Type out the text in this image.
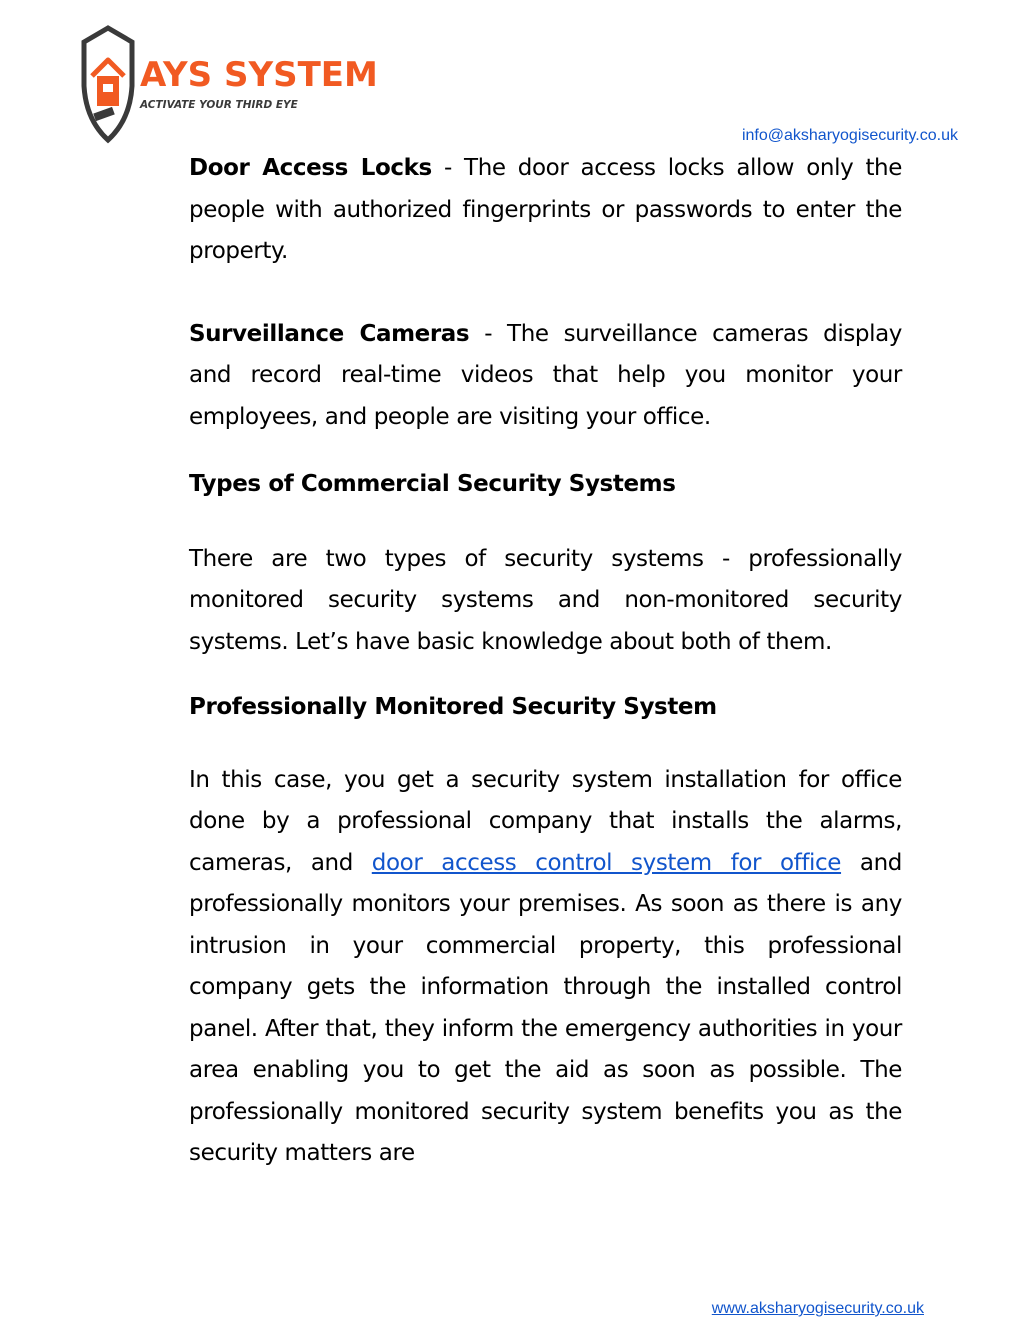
AYS SYSTEM
ACTIVATE YOUR THIRD EYE
info@aksharyogisecurity.co.uk

Door Access Locks - The door access locks allow only the people with authorized fingerprints or passwords to enter the property.

Surveillance Cameras - The surveillance cameras display and record real-time videos that help you monitor your employees, and people are visiting your office.

Types of Commercial Security Systems

There are two types of security systems - professionally monitored security systems and non-monitored security systems. Let’s have basic knowledge about both of them.

Professionally Monitored Security System

In this case, you get a security system installation for office done by a professional company that installs the alarms, cameras, and door access control system for office and professionally monitors your premises. As soon as there is any intrusion in your commercial property, this professional company gets the information through the installed control panel. After that, they inform the emergency authorities in your area enabling you to get the aid as soon as possible. The professionally monitored security system benefits you as the security matters are

www.aksharyogisecurity.co.uk
